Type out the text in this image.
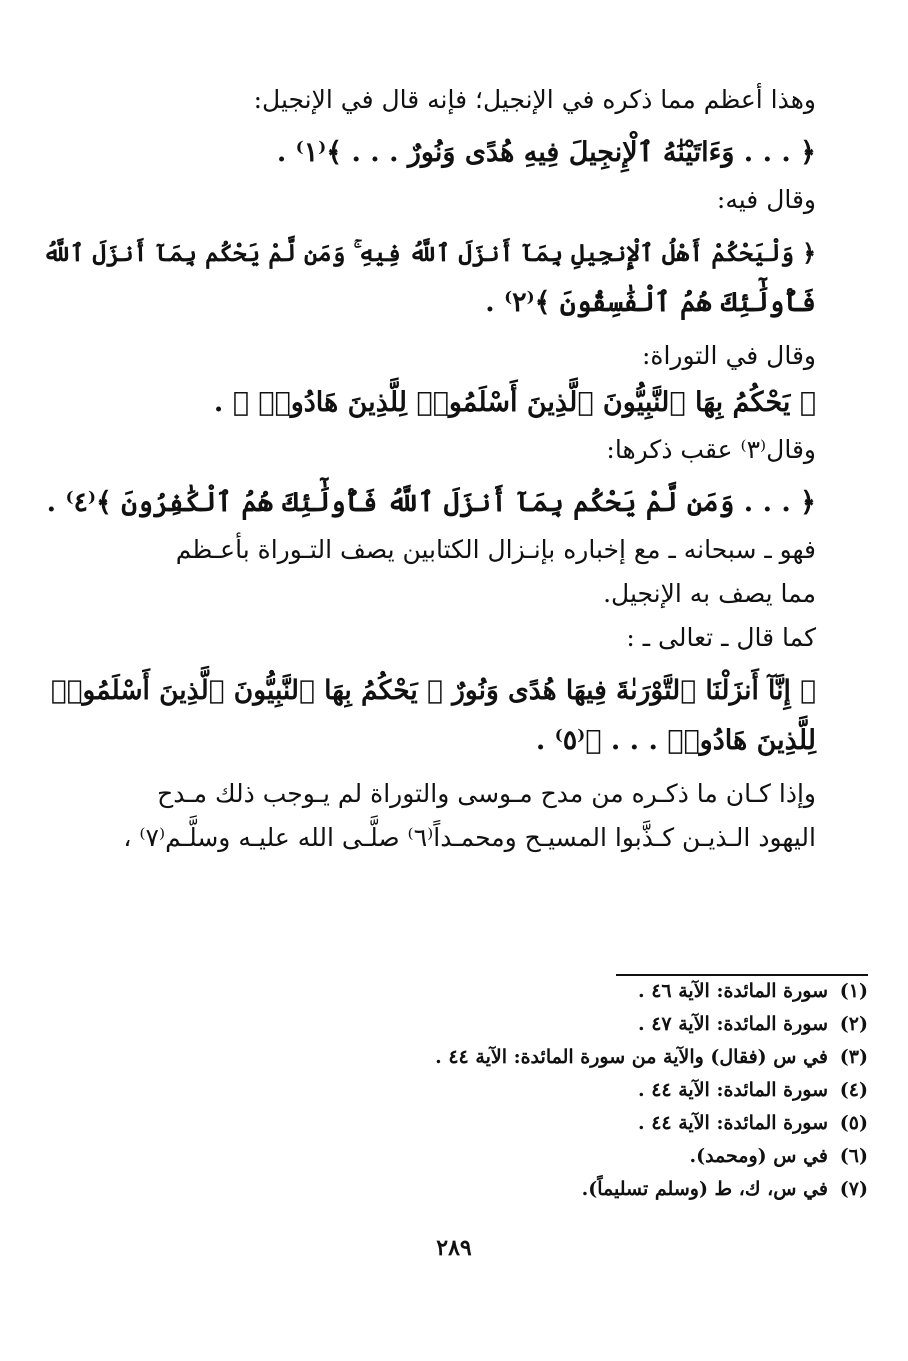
وهذا أعظم مما ذكره في الإنجيل؛ فإنه قال في الإنجيل:

﴿ . . . وَءَاتَيْنَٰهُ ٱلْإِنجِيلَ فِيهِ هُدًى وَنُورٌ . . . ﴾⁽١⁾ .

وقال فيه:

﴿ وَلْيَحْكُمْ أَهْلُ ٱلْإِنجِيلِ بِمَآ أَنزَلَ ٱللَّهُ فِيهِ ۚ وَمَن لَّمْ يَحْكُم بِمَآ أَنزَلَ ٱللَّهُ

فَأُولَٰٓئِكَ هُمُ ٱلْفَٰسِقُونَ ﴾⁽٢⁾ .

وقال في التوراة:

﴿ يَحْكُمُ بِهَا ٱلنَّبِيُّونَ ٱلَّذِينَ أَسْلَمُوا۟ لِلَّذِينَ هَادُوا۟ ﴾ .

وقال⁽٣⁾ عقب ذكرها:

﴿ . . . وَمَن لَّمْ يَحْكُم بِمَآ أَنزَلَ ٱللَّهُ فَأُولَٰٓئِكَ هُمُ ٱلْكَٰفِرُونَ ﴾⁽٤⁾ .

فهو ـ سبحانه ـ مع إخباره بإنـزال الكتابين يصف التـوراة بأعـظم

مما يصف به الإنجيل.

كما قال ـ تعالى ـ :

﴿ إِنَّآ أَنزَلْنَا ٱلتَّوْرَىٰةَ فِيهَا هُدًى وَنُورٌ ۚ يَحْكُمُ بِهَا ٱلنَّبِيُّونَ ٱلَّذِينَ أَسْلَمُوا۟

لِلَّذِينَ هَادُوا۟ . . . ﴾⁽٥⁾ .

وإذا كـان ما ذكـره من مدح مـوسى والتوراة لم يـوجب ذلك مـدح

اليهود الـذيـن كـذَّبوا المسيـح ومحمـداً⁽٦⁾ صلَّـى الله عليـه وسلَّـم⁽٧⁾ ،

(١)سورة المائدة: الآية ٤٦ .
(٢)سورة المائدة: الآية ٤٧ .
(٣)في س (فقال) والآية من سورة المائدة: الآية ٤٤ .
(٤)سورة المائدة: الآية ٤٤ .
(٥)سورة المائدة: الآية ٤٤ .
(٦)في س (ومحمد).
(٧)في س، ك، ط (وسلم تسليماً).
٢٨٩
